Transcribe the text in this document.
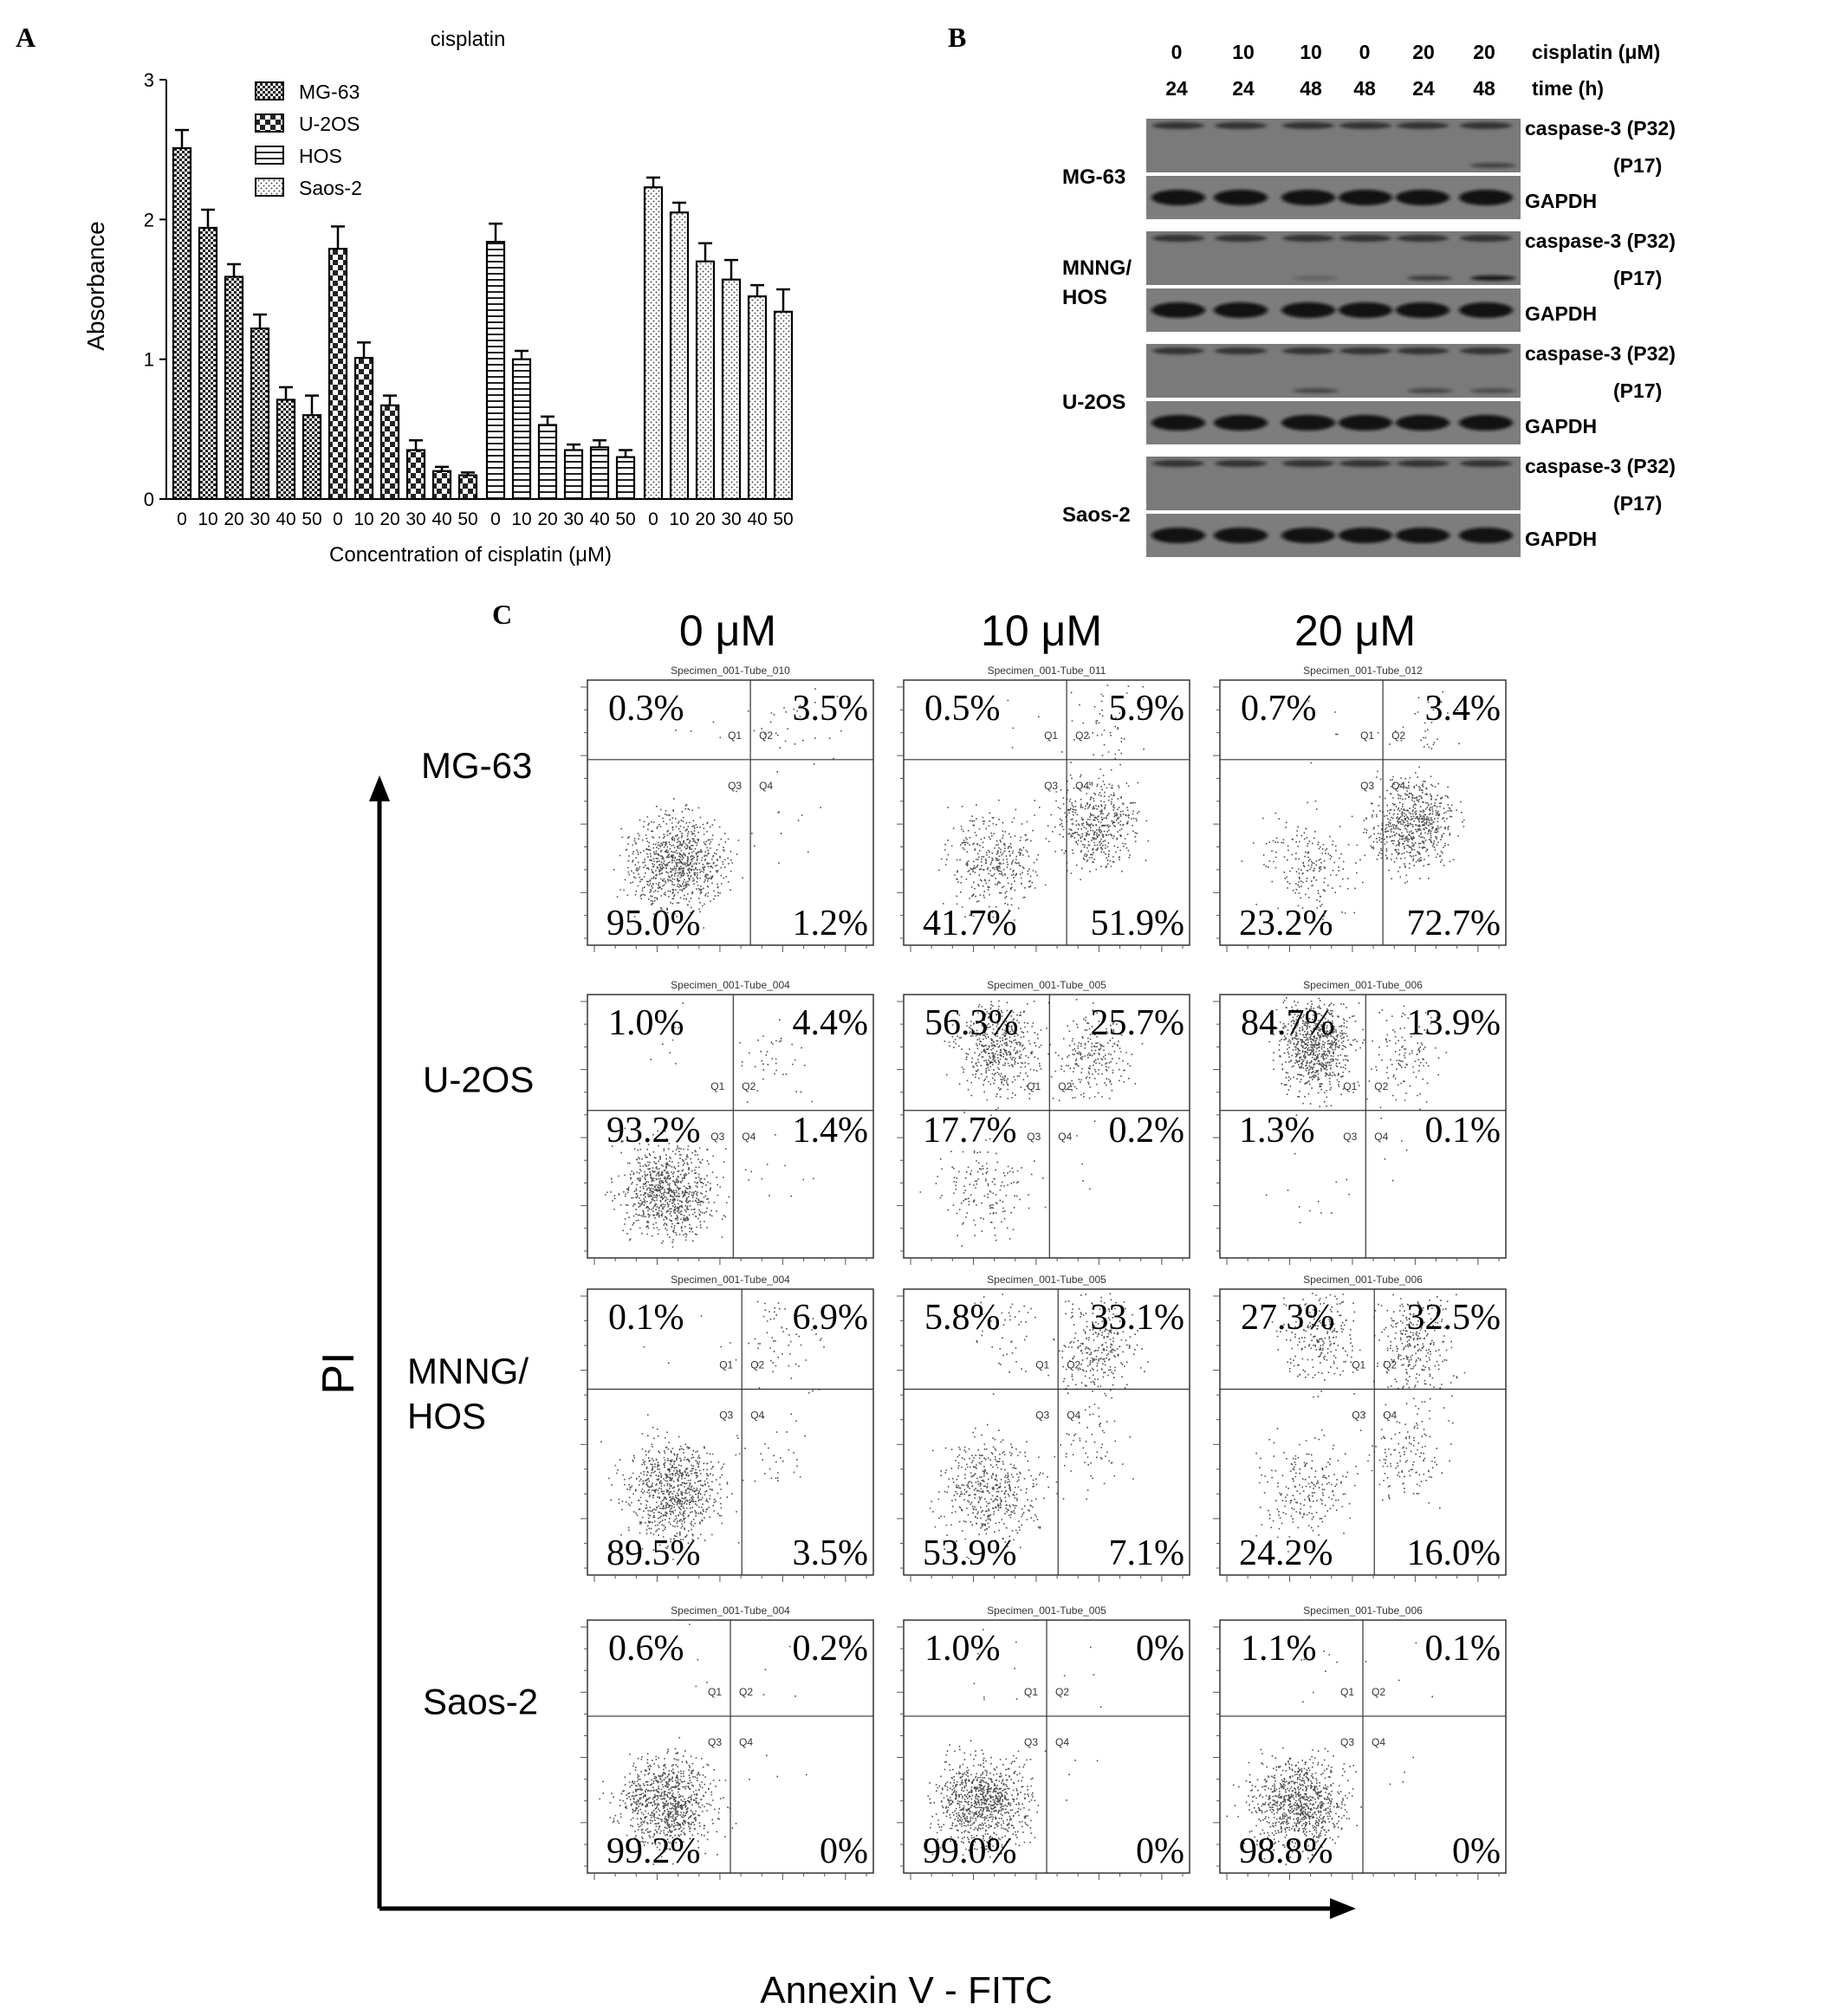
A	B
C
cisplatin
Absorbance
Concentration of cisplatin (μM)
0
1
2
3
0 10 20 30 40 50 0 10 20 30 40 50 0 10 20 30 40 50 0 10 20 30 40 50
MG-63
U-2OS
HOS
Saos-2
0	10 10 0 20 20 cisplatin (μM)
24 24 48 48 24 48 time (h)
caspase-3 (P32)
(P17)
GAPDH
MG-63
caspase-3 (P32)
(P17)
GAPDH
MNNG/
HOS
caspase-3 (P32)
(P17)
GAPDH
U-2OS
caspase-3 (P32)
(P17)
GAPDH
Saos-2
0 μM	10 μM	20 μM
MG-63
Specimen_001-Tube_010
Q1 Q2
Q3 Q4
0.3%	3.5%
95.0%	1.2%
Specimen_001-Tube_011
Q1 Q2
Q3 Q4
0.5%	5.9%
41.7% 51.9%
Specimen_001-Tube_012
Q1 Q2
Q3 Q4
0.7%	3.4%
23.2% 72.7%
U-2OS
Specimen_001-Tube_004
Q1 Q2
Q3 Q4
1.0%	4.4%
93.2%	1.4%
Specimen_001-Tube_005
Q1 Q2
Q3 Q4
56.3% 25.7%
17.7%	0.2%
Specimen_001-Tube_006
Q1 Q2
Q3 Q4
84.7% 13.9%
1.3%	0.1%
MNNG/
HOS
Specimen_001-Tube_004
Q1 Q2
Q3 Q4
0.1%	6.9%
89.5%	3.5%
Specimen_001-Tube_005
Q1 Q2
Q3 Q4
5.8% 33.1%
53.9%	7.1%
Specimen_001-Tube_006
Q1 Q2
Q3 Q4
27.3% 32.5%
24.2% 16.0%
Saos-2
Specimen_001-Tube_004
Q1 Q2
Q3 Q4
0.6%	0.2%
99.2%	0%
Specimen_001-Tube_005
Q1 Q2
Q3 Q4
1.0%	0%
99.0%	0%
Specimen_001-Tube_006
Q1 Q2
Q3 Q4
1.1%	0.1%
98.8%	0%
PI
Annexin V - FITC
